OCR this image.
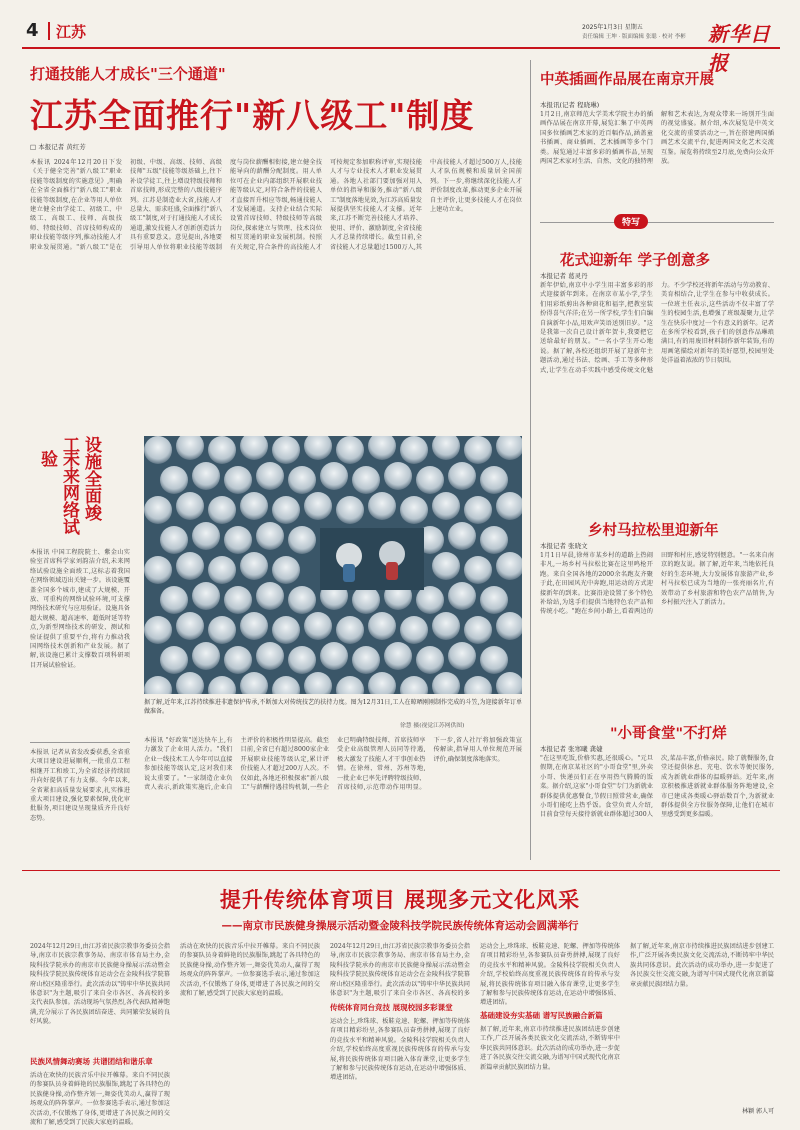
4 江苏	2025年1月3日 星期五
责任编辑 王坤 · 版面编辑 张聪 · 校对 李彬 新华日报
打通技能人才成长"三个通道"
江苏全面推行"新八级工"制度
□ 本报记者 黄红芳
本报讯 2024年12月20日下发《关于健全完善"新八级工"职业技能等级制度的实施意见》,明确在全省全面推行"新八级工"职业技能等级制度,在企业等用人单位建立健全由学徒工、初级工、中级工、高级工、技师、高级技师、特级技师、首席技师构成的职业技能等级序列,推动技能人才职业发展贯通。"新八级工"是在初级、中级、高级、技师、高级技师"五级"技能等级基础上,往下补设学徒工,往上增设特级技师和首席技师,形成完整的八级技能序列。江苏是制造业大省,技能人才总量大、需求旺盛,全面推行"新八级工"制度,对于打通技能人才成长通道,激发技能人才创新创造活力具有重要意义。意见提出,各地要引导用人单位将职业技能等级制度与岗位薪酬相衔接,建立健全技能导向的薪酬分配制度。用人单位可在企业内部组织开展职业技能等级认定,对符合条件的技能人才直接晋升相应等级,畅通技能人才发展通道。支持企业结合实际设置首席技师、特级技师等高级岗位,探索建立与管理、技术岗位相互贯通的职业发展机制。按照有关规定,符合条件的高技能人才可按规定参加职称评审,实现技能人才与专业技术人才职业发展贯通。各地人社部门要加强对用人单位的指导和服务,推动"新八级工"制度落地见效,为江苏高质量发展提供坚实技能人才支撑。近年来,江苏不断完善技能人才培养、使用、评价、激励制度,全省技能人才总量持续增长。截至目前,全省技能人才总量超过1500万人,其中高技能人才超过500万人,技能人才队伍规模和质量居全国前列。下一步,将继续深化技能人才评价制度改革,推动更多企业开展自主评价,让更多技能人才在岗位上建功立业。
设施全面竣工
未来网络试验
本报讯 中国工程院院士、紫金山实验室首席科学家刘韵洁介绍,未来网络试验设施全面竣工,这标志着我国在网络领域迈出关键一步。该设施覆盖全国多个城市,建成了大规模、开放、可重构的网络试验环境,可支撑网络技术研究与应用验证。设施具备超大规模、超高速率、超低时延等特点,为新型网络技术的研发、测试和验证提供了重要平台,将有力推动我国网络技术创新和产业发展。据了解,该设施已累计支撑数百项科研项目开展试验验证。
本报讯 记者从省发改委获悉,全省重大项目建设进展顺利,一批重点工程相继开工和竣工,为全省经济持续回升向好提供了有力支撑。今年以来,全省紧扣高质量发展要求,扎实推进重大项目建设,强化要素保障,优化审批服务,项目建设呈现量质齐升良好态势。
据了解,近年来,江苏持续推进非遗保护传承,不断加大对传统技艺的扶持力度。图为12月31日,工人在晾晒刚刚制作完成的斗笠,为迎接新年订单做准备。
徐慧 摄(视觉江苏网供图)
本报讯 "好政策"送达快车上,有力激发了企业用人活力。"我们企业一线技术工人今年可以直接参加技能等级认定,这对我们来说太重要了。"一家制造企业负责人表示,新政策实施后,企业自主评价的积极性明显提高。截至目前,全省已有超过8000家企业开展职业技能等级认定,累计评价技能人才超过200万人次。不仅如此,各地还积极探索"新八级工"与薪酬待遇挂钩机制,一些企业已明确特级技师、首席技师享受企业高级管理人员同等待遇,极大激发了技能人才干事创业热情。在徐州、常州、苏州等地,一批企业已率先评聘特级技师、首席技师,示范带动作用明显。下一步,省人社厅将加强政策宣传解读,指导用人单位规范开展评价,确保制度落地落实。
中英插画作品展在南京开展
本报讯(记者 程晓琳)
1月2日,南京师范大学美术学院主办的插画作品展在南京开幕,展览汇集了中英两国多位插画艺术家的近百幅作品,涵盖童书插画、商业插画、艺术插画等多个门类。展览通过丰富多彩的插画作品,呈现两国艺术家对生活、自然、文化的独特理解和艺术表达,为观众带来一场别开生面的视觉盛宴。据介绍,本次展览是中英文化交流的重要活动之一,旨在搭建两国插画艺术交流平台,促进两国文化艺术交流互鉴。展览将持续至2月底,免费向公众开放。
特写
花式迎新年 学子创意多
本报记者 葛灵丹
新年伊始,南京中小学生用丰富多彩的形式迎接新年到来。在南京市某小学,学生们用彩纸剪出各种窗花和福字,把教室装扮得喜气洋洋;在另一所学校,学生们自编自演新年小品,用欢声笑语送别旧岁。"这是我第一次自己设计新年贺卡,我要把它送给最好的朋友。"一名小学生开心地说。据了解,各校还组织开展了迎新年主题活动,通过书法、绘画、手工等多种形式,让学生在动手实践中感受传统文化魅力。不少学校还将新年活动与劳动教育、美育相结合,让学生在参与中收获成长。一位班主任表示,这些活动不仅丰富了学生的校园生活,也增强了班级凝聚力,让学生在快乐中度过一个有意义的新年。记者在多所学校看到,孩子们的创意作品琳琅满目,有的用废旧材料制作新年装饰,有的用画笔描绘对新年的美好愿望,校园里处处洋溢着浓浓的节日氛围。
乡村马拉松里迎新年
本报记者 张晓文
1月1日早晨,徐州市某乡村的道路上热闹非凡,一场乡村马拉松比赛在这里鸣枪开跑。来自全国各地的2000余名跑友齐聚于此,在田园风光中奔跑,用运动的方式迎接新年的到来。比赛沿途设置了多个特色补给站,为选手们提供当地特色农产品和传统小吃。"跑在乡间小路上,看着两边的田野和村庄,感觉特别惬意。"一名来自南京的跑友说。据了解,近年来,当地依托良好的生态环境,大力发展体育旅游产业,乡村马拉松已成为当地的一张亮丽名片,有效带动了乡村旅游和特色农产品销售,为乡村振兴注入了新活力。
"小哥食堂"不打烊
本报记者 张寒曦 龚婕
"在这里吃饭,价格实惠,还很暖心。"元旦假期,在南京某社区的"小哥食堂"里,外卖小哥、快递员们正在享用热气腾腾的饭菜。据介绍,这家"小哥食堂"专门为新就业群体提供优惠餐食,节假日照常营业,确保小哥们能吃上热乎饭。食堂负责人介绍,目前食堂每天接待新就业群体超过300人次,菜品丰富,价格亲民。除了就餐服务,食堂还提供休息、充电、饮水等便民服务,成为新就业群体的温暖驿站。近年来,南京积极推进新就业群体服务阵地建设,全市已建成各类暖心驿站数百个,为新就业群体提供全方位服务保障,让他们在城市里感受到更多温暖。
提升传统体育项目 展现多元文化风采
——南京市民族健身操展示活动暨金陵科技学院民族传统体育运动会圆满举行
2024年12月29日,由江苏省民族宗教事务委员会指导,南京市民族宗教事务局、南京市体育局主办,金陵科技学院承办的南京市民族健身操展示活动暨金陵科技学院民族传统体育运动会在金陵科技学院幕府山校区隆重举行。此次活动以"铸牢中华民族共同体意识"为主题,吸引了来自全市各区、各高校的多支代表队参加。活动现场气氛热烈,各代表队精神饱满,充分展示了各民族团结奋进、共同繁荣发展的良好风貌。
民族风情舞动赛场 共谱团结和谐乐章
活动在欢快的民族音乐中拉开帷幕。来自不同民族的参赛队员身着鲜艳的民族服饰,跳起了各具特色的民族健身操,动作整齐划一,舞姿优美动人,赢得了现场观众的阵阵掌声。一位参赛选手表示,通过参加这次活动,不仅锻炼了身体,更增进了各民族之间的交流和了解,感受到了民族大家庭的温暖。
活动在欢快的民族音乐中拉开帷幕。来自不同民族的参赛队员身着鲜艳的民族服饰,跳起了各具特色的民族健身操,动作整齐划一,舞姿优美动人,赢得了现场观众的阵阵掌声。一位参赛选手表示,通过参加这次活动,不仅锻炼了身体,更增进了各民族之间的交流和了解,感受到了民族大家庭的温暖。
2024年12月29日,由江苏省民族宗教事务委员会指导,南京市民族宗教事务局、南京市体育局主办,金陵科技学院承办的南京市民族健身操展示活动暨金陵科技学院民族传统体育运动会在金陵科技学院幕府山校区隆重举行。此次活动以"铸牢中华民族共同体意识"为主题,吸引了来自全市各区、各高校的多
传统体育同台竞技 展现校园多彩课堂
运动会上,珍珠球、板鞋竞速、陀螺、押加等传统体育项目精彩纷呈,各参赛队员奋勇拼搏,展现了良好的竞技水平和精神风貌。金陵科技学院相关负责人介绍,学校始终高度重视民族传统体育的传承与发展,将民族传统体育项目融入体育课堂,让更多学生了解和参与民族传统体育运动,在运动中增强体质、增进团结。
运动会上,珍珠球、板鞋竞速、陀螺、押加等传统体育项目精彩纷呈,各参赛队员奋勇拼搏,展现了良好的竞技水平和精神风貌。金陵科技学院相关负责人介绍,学校始终高度重视民族传统体育的传承与发展,将民族传统体育项目融入体育课堂,让更多学生了解和参与民族传统体育运动,在运动中增强体质、增进团结。
基础建设夯实基础 谱写民族融合新篇
据了解,近年来,南京市持续推进民族团结进步创建工作,广泛开展各类民族文化交流活动,不断铸牢中华民族共同体意识。此次活动的成功举办,进一步促进了各民族交往交流交融,为谱写中国式现代化南京新篇章贡献民族团结力量。
据了解,近年来,南京市持续推进民族团结进步创建工作,广泛开展各类民族文化交流活动,不断铸牢中华民族共同体意识。此次活动的成功举办,进一步促进了各民族交往交流交融,为谱写中国式现代化南京新篇章贡献民族团结力量。
林颖 郭人可
